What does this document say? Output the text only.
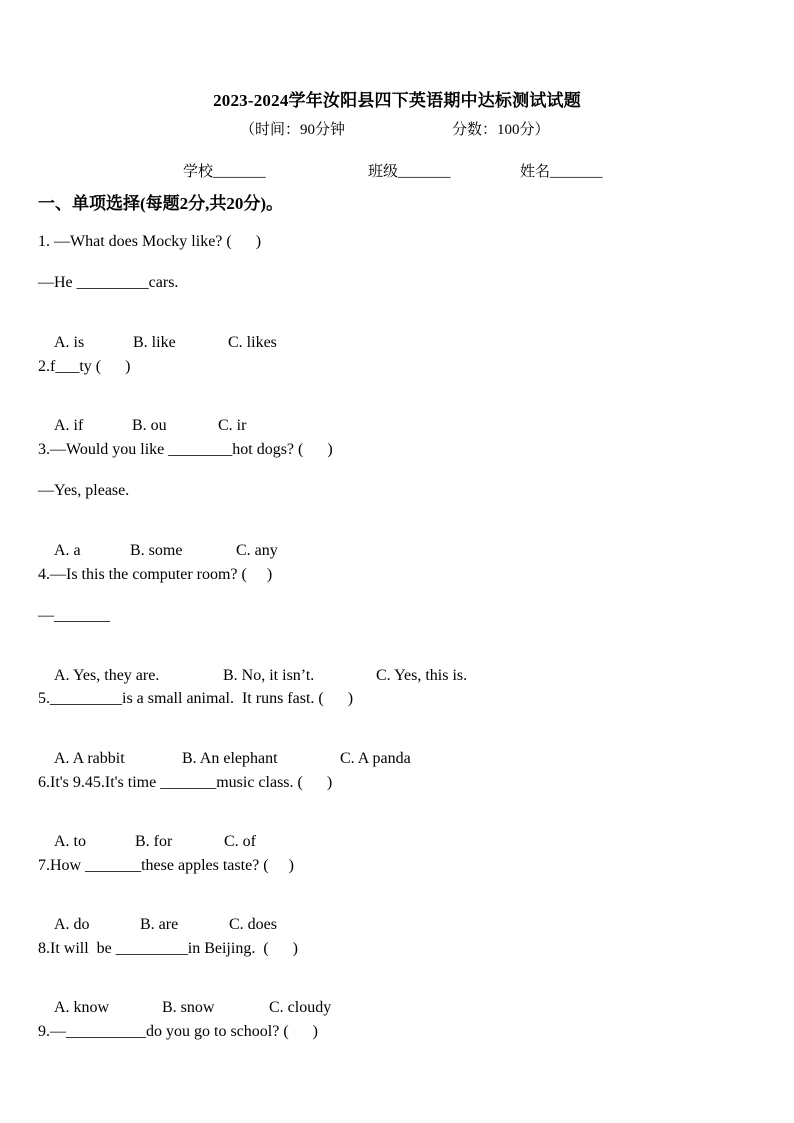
2023-2024学年汝阳县四下英语期中达标测试试题
（时间：90分钟	分数：100分）
学校_______	班级_______	姓名_______
一、单项选择(每题2分,共20分)。
1. —What does Mocky like? (      )
—He _________cars.

A. is	B. like	C. likes

2.f___ty (      )

A. if	B. ou	C. ir

3.—Would you like ________hot dogs? (      )
—Yes, please.

A. a	B. some	C. any

4.—Is this the computer room? (     )
—_______

A. Yes, they are.	B. No, it isn’t.	C. Yes, this is.

5._________is a small animal.  It runs fast. (      )

A. A rabbit	B. An elephant	C. A panda

6.It's 9.45.It's time _______music class. (      )

A. to	B. for	C. of

7.How _______these apples taste? (     )

A. do	B. are	C. does

8.It will  be _________in Beijing.  (      )

A. know	B. snow	C. cloudy

9.—__________do you go to school? (      )
